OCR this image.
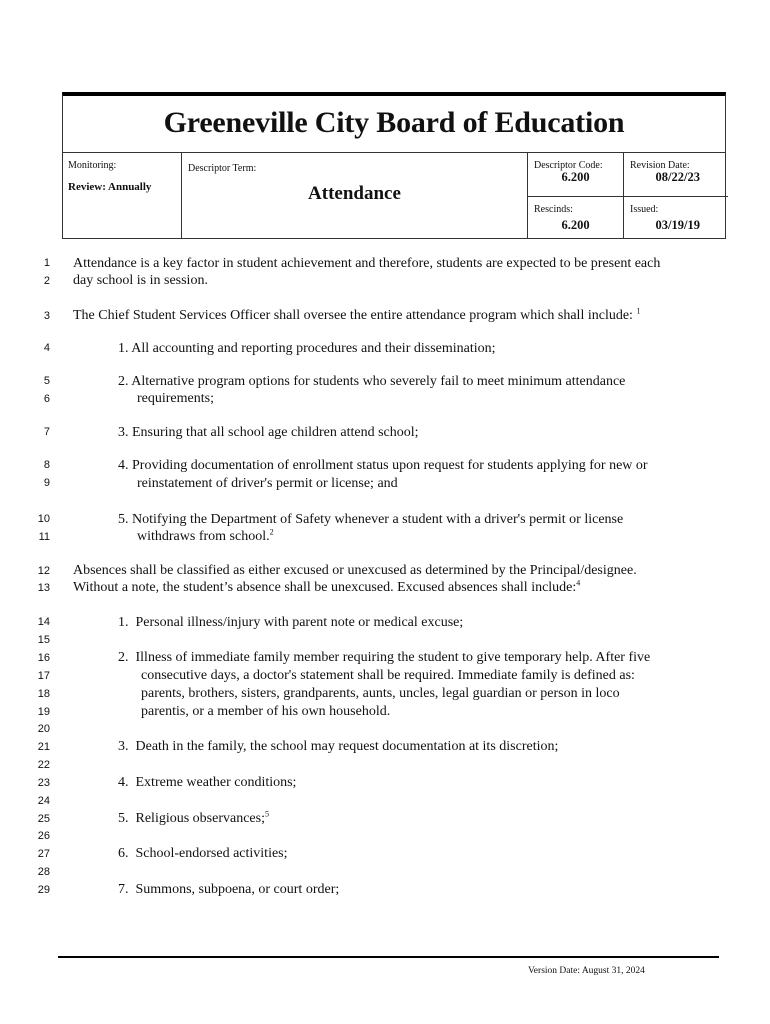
Greeneville City Board of Education
Monitoring:
Review: Annually
Descriptor Term:
Attendance
Descriptor Code:
6.200
Revision Date:
08/22/23
Rescinds:
6.200
Issued:
03/19/19
1
2
3
4
5
6
7
8
9
10
11
12
13
14
15
16
17
18
19
20
21
22
23
24
25
26
27
28
29
Attendance is a key factor in student achievement and therefore, students are expected to be present each
day school is in session.
The Chief Student Services Officer shall oversee the entire attendance program which shall include: $^1$
1. All accounting and reporting procedures and their dissemination;
2. Alternative program options for students who severely fail to meet minimum attendance
requirements;
3. Ensuring that all school age children attend school;
4. Providing documentation of enrollment status upon request for students applying for new or
reinstatement of driver's permit or license; and
5. Notifying the Department of Safety whenever a student with a driver's permit or license
withdraws from school.$^2$
Absences shall be classified as either excused or unexcused as determined by the Principal/designee.
Without a note, the student’s absence shall be unexcused. Excused absences shall include:$^4$
1. Personal illness/injury with parent note or medical excuse;
2. Illness of immediate family member requiring the student to give temporary help. After five
consecutive days, a doctor's statement shall be required. Immediate family is defined as:
parents, brothers, sisters, grandparents, aunts, uncles, legal guardian or person in loco
parentis, or a member of his own household.
3. Death in the family, the school may request documentation at its discretion;
4. Extreme weather conditions;
5. Religious observances;$^5$
6. School-endorsed activities;
7. Summons, subpoena, or court order;
Version Date: August 31, 2024
